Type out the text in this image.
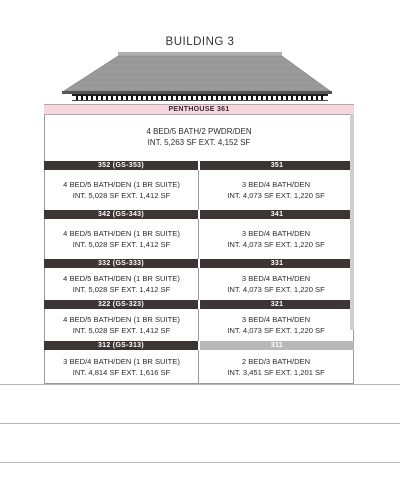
BUILDING 3
PENTHOUSE 361
4 BED/5 BATH/2 PWDR/DEN
INT. 5,263 SF EXT. 4,152 SF
352 (GS-353)
4 BED/5 BATH/DEN (1 BR SUITE)
INT. 5,028 SF EXT. 1,412 SF
351
3 BED/4 BATH/DEN
INT. 4,073 SF EXT. 1,220 SF
342 (GS-343)
4 BED/5 BATH/DEN (1 BR SUITE)
INT. 5,028 SF EXT. 1,412 SF
341
3 BED/4 BATH/DEN
INT. 4,073 SF EXT. 1,220 SF
332 (GS-333)
4 BED/5 BATH/DEN (1 BR SUITE)
INT. 5,028 SF EXT. 1,412 SF
331
3 BED/4 BATH/DEN
INT. 4,073 SF EXT. 1,220 SF
322 (GS-323)
4 BED/5 BATH/DEN (1 BR SUITE)
INT. 5,028 SF EXT. 1,412 SF
321
3 BED/4 BATH/DEN
INT. 4,073 SF EXT. 1,220 SF
312 (GS-313)
3 BED/4 BATH/DEN (1 BR SUITE)
INT. 4,814 SF EXT. 1,616 SF
311
2 BED/3 BATH/DEN
INT. 3,451 SF EXT. 1,201 SF
